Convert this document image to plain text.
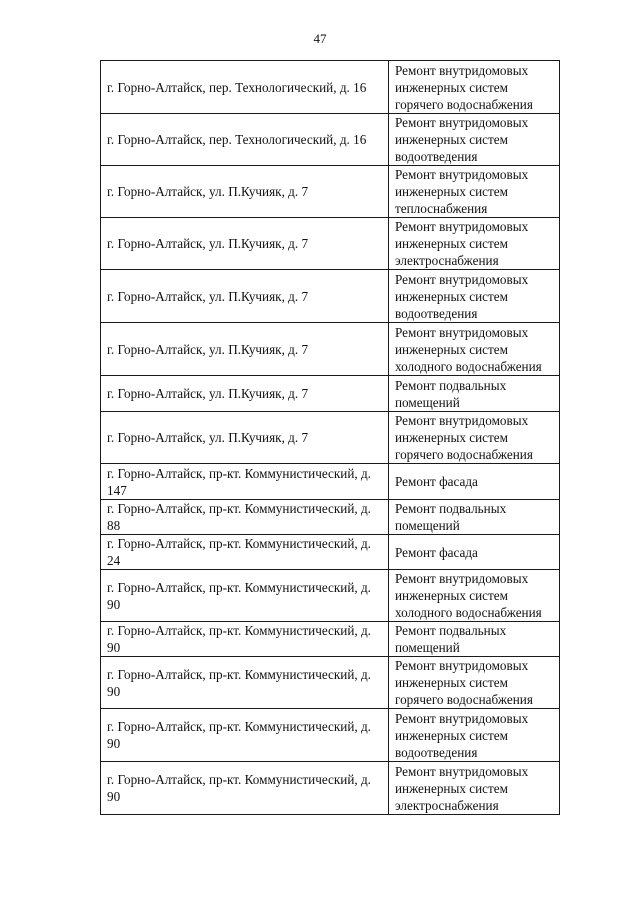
47
г. Горно-Алтайск, пер. Технологический, д. 16	Ремонт внутридомовых инженерных систем горячего водоснабжения
г. Горно-Алтайск, пер. Технологический, д. 16	Ремонт внутридомовых инженерных систем водоотведения
г. Горно-Алтайск, ул. П.Кучияк, д. 7	Ремонт внутридомовых инженерных систем теплоснабжения
г. Горно-Алтайск, ул. П.Кучияк, д. 7	Ремонт внутридомовых инженерных систем электроснабжения
г. Горно-Алтайск, ул. П.Кучияк, д. 7	Ремонт внутридомовых инженерных систем водоотведения
г. Горно-Алтайск, ул. П.Кучияк, д. 7	Ремонт внутридомовых инженерных систем холодного водоснабжения
г. Горно-Алтайск, ул. П.Кучияк, д. 7	Ремонт подвальных помещений
г. Горно-Алтайск, ул. П.Кучияк, д. 7	Ремонт внутридомовых инженерных систем горячего водоснабжения
г. Горно-Алтайск, пр-кт. Коммунистический, д. 147	Ремонт фасада
г. Горно-Алтайск, пр-кт. Коммунистический, д. 88	Ремонт подвальных помещений
г. Горно-Алтайск, пр-кт. Коммунистический, д. 24	Ремонт фасада
г. Горно-Алтайск, пр-кт. Коммунистический, д. 90	Ремонт внутридомовых инженерных систем холодного водоснабжения
г. Горно-Алтайск, пр-кт. Коммунистический, д. 90	Ремонт подвальных помещений
г. Горно-Алтайск, пр-кт. Коммунистический, д. 90	Ремонт внутридомовых инженерных систем горячего водоснабжения
г. Горно-Алтайск, пр-кт. Коммунистический, д. 90	Ремонт внутридомовых инженерных систем водоотведения
г. Горно-Алтайск, пр-кт. Коммунистический, д. 90	Ремонт внутридомовых инженерных систем электроснабжения
